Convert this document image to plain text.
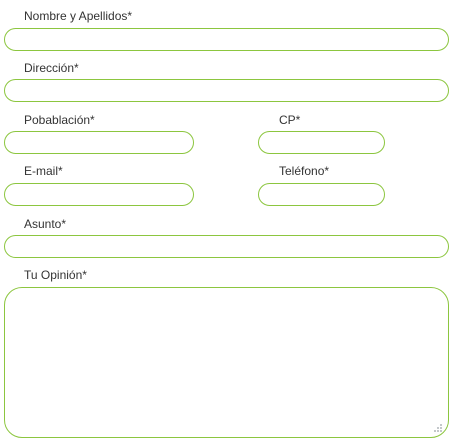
Nombre y Apellidos*
Dirección*
Pobablación*	CP*
E-mail*	Teléfono*
Asunto*
Tu Opinión*
